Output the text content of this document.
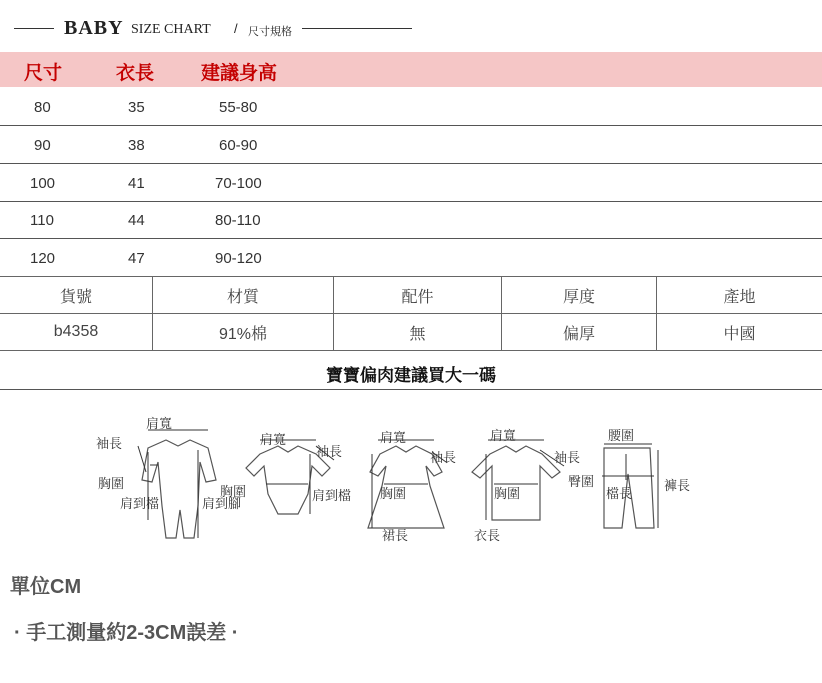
BABY SIZE CHART / 尺寸規格
尺寸	衣長 建議身高
80	35	55-80
90	38	60-90
100	41	70-100
110	44	80-110
120	47	90-120
貨號	材質	配件	厚度	產地
b4358	91%棉	無	偏厚	中國
寶寶偏肉建議買大一碼
袖長
肩寬
胸圍
肩到檔	肩到腳
肩寬
袖長
胸圍	肩到檔
肩寬
袖長
胸圍
裙長
肩寬
袖長
胸圍
衣長
腰圍
臀圍
檔長
褲長
單位CM
· 手工測量約2-3CM誤差 ·
